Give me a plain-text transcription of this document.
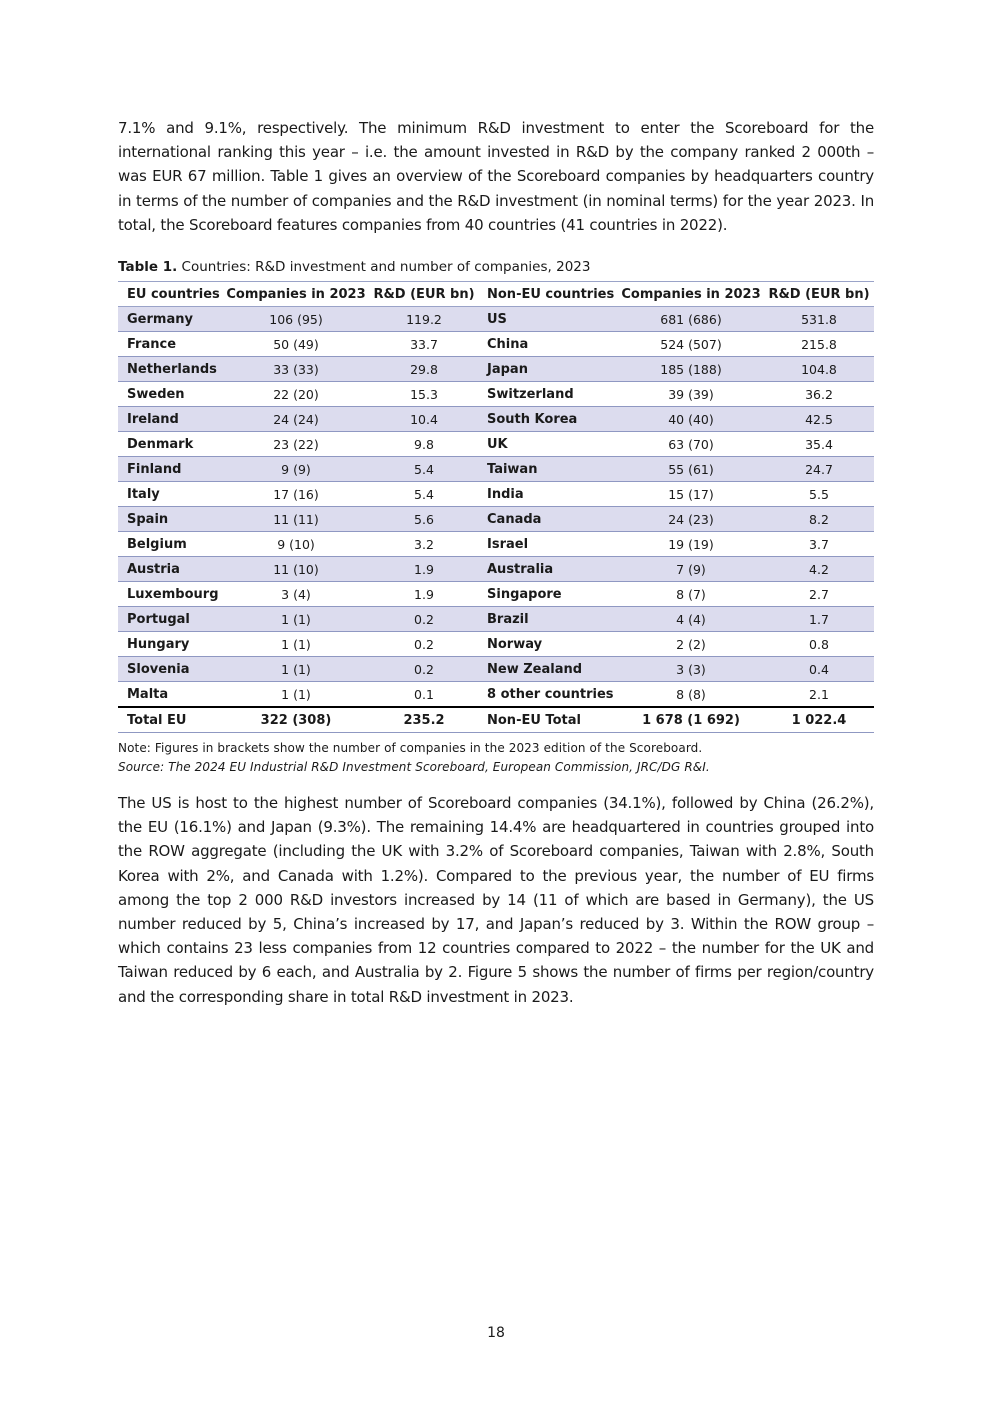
7.1% and 9.1%, respectively. The minimum R&D investment to enter the Scoreboard for the international ranking this year – i.e. the amount invested in R&D by the company ranked 2 000th – was EUR 67 million. Table 1 gives an overview of the Scoreboard companies by headquarters country in terms of the number of companies and the R&D investment (in nominal terms) for the year 2023. In total, the Scoreboard features companies from 40 countries (41 countries in 2022).

Table 1. Countries: R&D investment and number of companies, 2023

EU countries	Companies in 2023	R&D (EUR bn)	Non-EU countries	Companies in 2023	R&D (EUR bn)
Germany	106 (95)	119.2	US	681 (686)	531.8
France	50 (49)	33.7	China	524 (507)	215.8
Netherlands	33 (33)	29.8	Japan	185 (188)	104.8
Sweden	22 (20)	15.3	Switzerland	39 (39)	36.2
Ireland	24 (24)	10.4	South Korea	40 (40)	42.5
Denmark	23 (22)	9.8	UK	63 (70)	35.4
Finland	9 (9)	5.4	Taiwan	55 (61)	24.7
Italy	17 (16)	5.4	India	15 (17)	5.5
Spain	11 (11)	5.6	Canada	24 (23)	8.2
Belgium	9 (10)	3.2	Israel	19 (19)	3.7
Austria	11 (10)	1.9	Australia	7 (9)	4.2
Luxembourg	3 (4)	1.9	Singapore	8 (7)	2.7
Portugal	1 (1)	0.2	Brazil	4 (4)	1.7
Hungary	1 (1)	0.2	Norway	2 (2)	0.8
Slovenia	1 (1)	0.2	New Zealand	3 (3)	0.4
Malta	1 (1)	0.1	8 other countries	8 (8)	2.1
Total EU	322 (308)	235.2	Non-EU Total	1 678 (1 692)	1 022.4

Note: Figures in brackets show the number of companies in the 2023 edition of the Scoreboard.

Source: The 2024 EU Industrial R&D Investment Scoreboard, European Commission, JRC/DG R&I.

The US is host to the highest number of Scoreboard companies (34.1%), followed by China (26.2%), the EU (16.1%) and Japan (9.3%). The remaining 14.4% are headquartered in countries grouped into the ROW aggregate (including the UK with 3.2% of Scoreboard companies, Taiwan with 2.8%, South Korea with 2%, and Canada with 1.2%). Compared to the previous year, the number of EU firms among the top 2 000 R&D investors increased by 14 (11 of which are based in Germany), the US number reduced by 5, China’s increased by 17, and Japan’s reduced by 3. Within the ROW group – which contains 23 less companies from 12 countries compared to 2022 – the number for the UK and Taiwan reduced by 6 each, and Australia by 2. Figure 5 shows the number of firms per region/country and the corresponding share in total R&D investment in 2023.

18
